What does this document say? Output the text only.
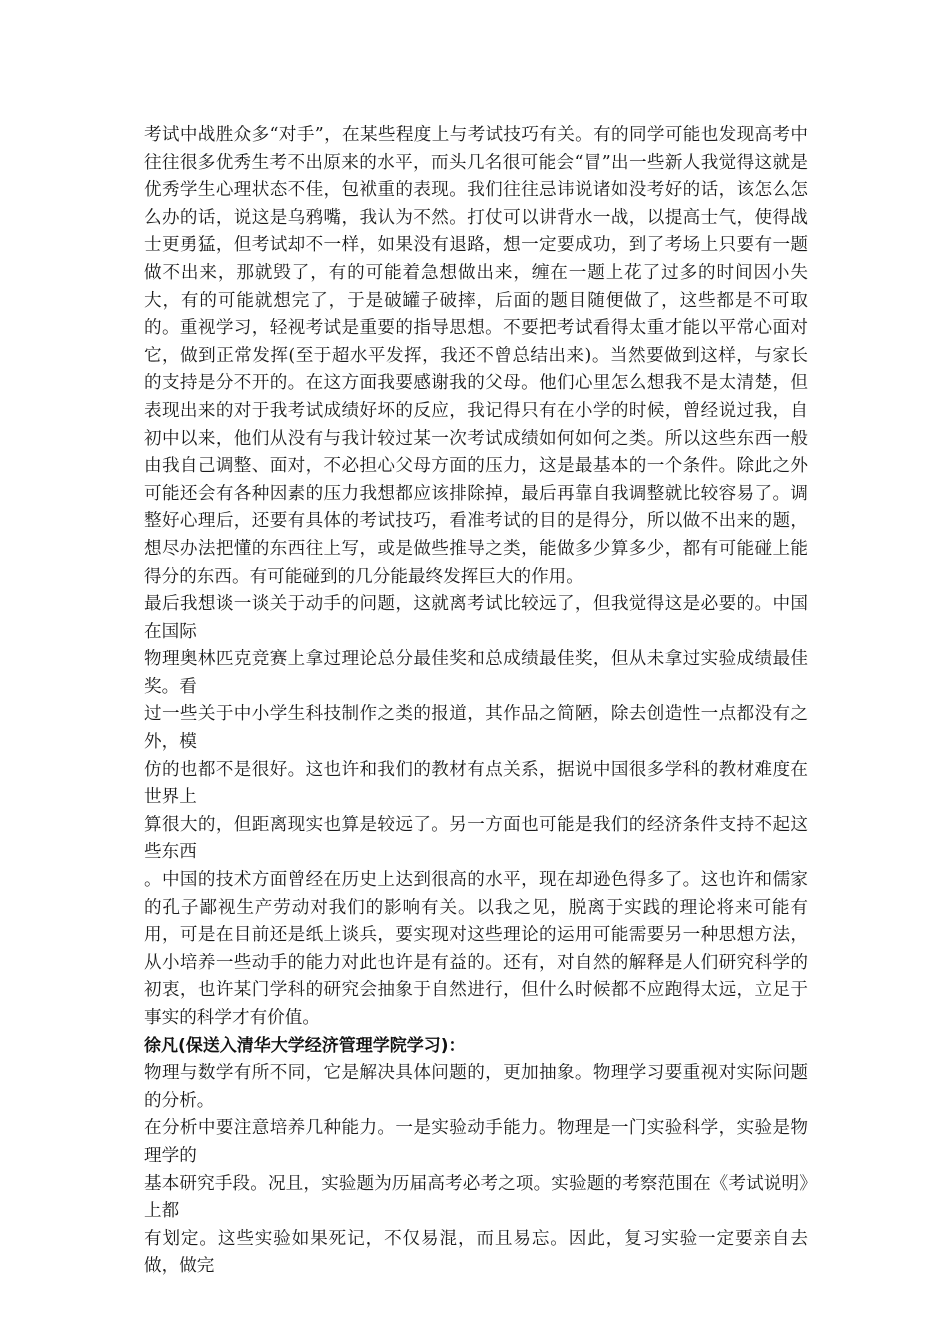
考试中战胜众多“对手”，在某些程度上与考试技巧有关。有的同学可能也发现高考中往往很多优秀生考不出原来的水平，而头几名很可能会“冒”出一些新人我觉得这就是优秀学生心理状态不佳，包袱重的表现。我们往往忌讳说诸如没考好的话，该怎么怎么办的话，说这是乌鸦嘴，我认为不然。打仗可以讲背水一战，以提高士气，使得战士更勇猛，但考试却不一样，如果没有退路，想一定要成功，到了考场上只要有一题做不出来，那就毁了，有的可能着急想做出来，缠在一题上花了过多的时间因小失大，有的可能就想完了，于是破罐子破摔，后面的题目随便做了，这些都是不可取的。重视学习，轻视考试是重要的指导思想。不要把考试看得太重才能以平常心面对它，做到正常发挥(至于超水平发挥，我还不曾总结出来)。当然要做到这样，与家长的支持是分不开的。在这方面我要感谢我的父母。他们心里怎么想我不是太清楚，但表现出来的对于我考试成绩好坏的反应，我记得只有在小学的时候，曾经说过我，自初中以来，他们从没有与我计较过某一次考试成绩如何如何之类。所以这些东西一般由我自己调整、面对，不必担心父母方面的压力，这是最基本的一个条件。除此之外可能还会有各种因素的压力我想都应该排除掉，最后再靠自我调整就比较容易了。调整好心理后，还要有具体的考试技巧，看准考试的目的是得分，所以做不出来的题，想尽办法把懂的东西往上写，或是做些推导之类，能做多少算多少，都有可能碰上能得分的东西。有可能碰到的几分能最终发挥巨大的作用。

最后我想谈一谈关于动手的问题，这就离考试比较远了，但我觉得这是必要的。中国在国际

物理奥林匹克竞赛上拿过理论总分最佳奖和总成绩最佳奖，但从未拿过实验成绩最佳奖。看

过一些关于中小学生科技制作之类的报道，其作品之简陋，除去创造性一点都没有之外，模

仿的也都不是很好。这也许和我们的教材有点关系，据说中国很多学科的教材难度在世界上

算很大的，但距离现实也算是较远了。另一方面也可能是我们的经济条件支持不起这些东西

。中国的技术方面曾经在历史上达到很高的水平，现在却逊色得多了。这也许和儒家的孔子鄙视生产劳动对我们的影响有关。以我之见，脱离于实践的理论将来可能有用，可是在目前还是纸上谈兵，要实现对这些理论的运用可能需要另一种思想方法，从小培养一些动手的能力对此也许是有益的。还有，对自然的解释是人们研究科学的初衷，也许某门学科的研究会抽象于自然进行，但什么时候都不应跑得太远，立足于事实的科学才有价值。

徐凡(保送入清华大学经济管理学院学习)：

物理与数学有所不同，它是解决具体问题的，更加抽象。物理学习要重视对实际问题的分析。

在分析中要注意培养几种能力。一是实验动手能力。物理是一门实验科学，实验是物理学的

基本研究手段。况且，实验题为历届高考必考之项。实验题的考察范围在《考试说明》上都

有划定。这些实验如果死记，不仅易混，而且易忘。因此，复习实验一定要亲自去做，做完
